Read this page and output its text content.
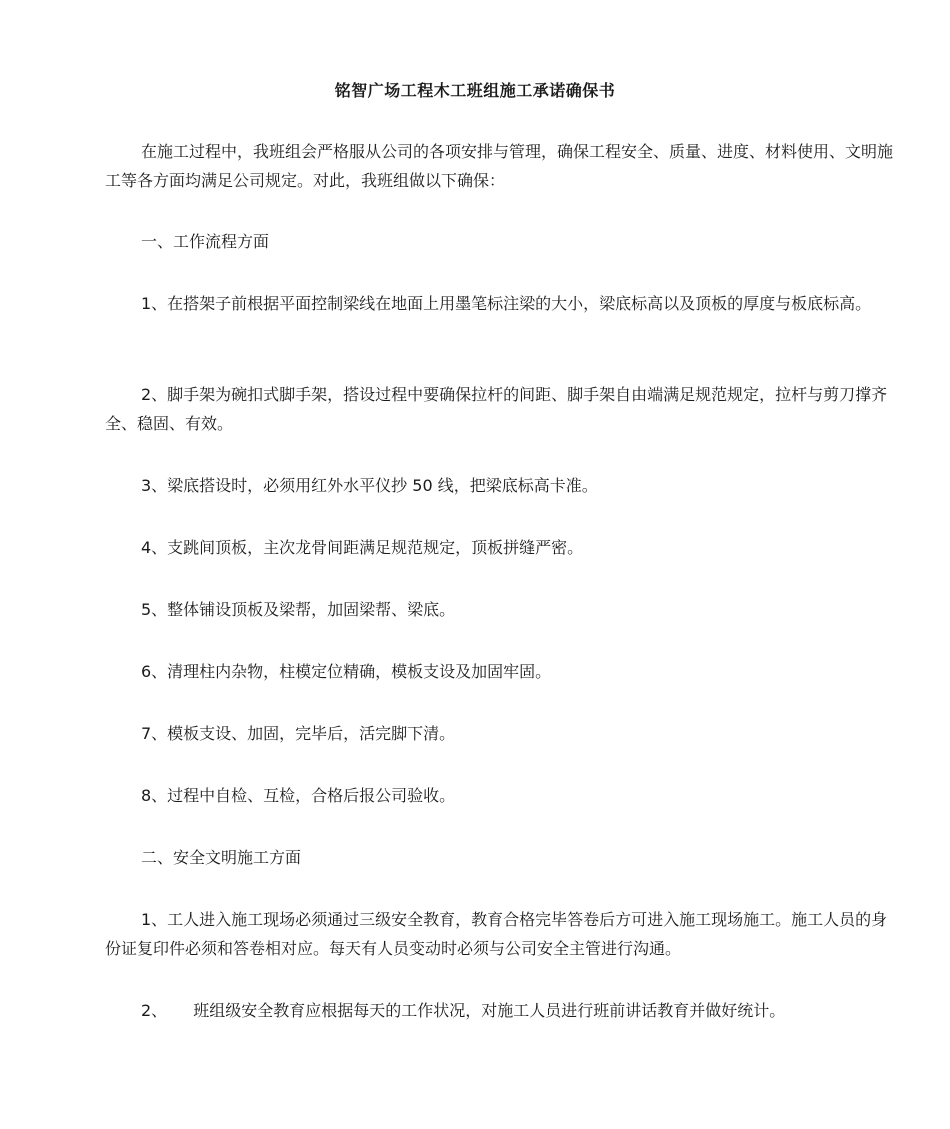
铭智广场工程木工班组施工承诺确保书

在施工过程中，我班组会严格服从公司的各项安排与管理，确保工程安全、质量、进度、材料使用、文明施工等各方面均满足公司规定。对此，我班组做以下确保：

一、工作流程方面

1、在搭架子前根据平面控制梁线在地面上用墨笔标注梁的大小，梁底标高以及顶板的厚度与板底标高。

2、脚手架为碗扣式脚手架，搭设过程中要确保拉杆的间距、脚手架自由端满足规范规定，拉杆与剪刀撑齐全、稳固、有效。

3、梁底搭设时，必须用红外水平仪抄 50 线，把梁底标高卡准。

4、支跳间顶板，主次龙骨间距满足规范规定，顶板拼缝严密。

5、整体铺设顶板及梁帮，加固梁帮、梁底。

6、清理柱内杂物，柱模定位精确，模板支设及加固牢固。

7、模板支设、加固，完毕后，活完脚下清。

8、过程中自检、互检，合格后报公司验收。

二、安全文明施工方面

1、工人进入施工现场必须通过三级安全教育，教育合格完毕答卷后方可进入施工现场施工。施工人员的身份证复印件必须和答卷相对应。每天有人员变动时必须与公司安全主管进行沟通。

2、 班组级安全教育应根据每天的工作状况，对施工人员进行班前讲话教育并做好统计。
